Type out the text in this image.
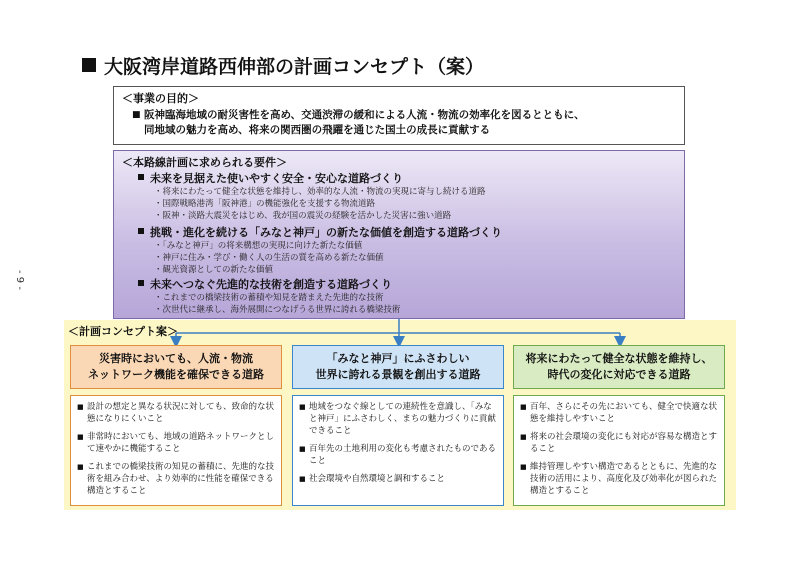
- 9 -
大阪湾岸道路西伸部の計画コンセプト（案）
＜事業の目的＞
■ 阪神臨海地域の耐災害性を高め、交通渋滞の緩和による人流・物流の効率化を図るとともに、
同地域の魅力を高め、将来の関西圏の飛躍を通じた国土の成長に貢献する
＜本路線計画に求められる要件＞
未来を見据えた使いやすく安全・安心な道路づくり
・将来にわたって健全な状態を維持し、効率的な人流・物流の実現に寄与し続ける道路
・国際戦略港湾「阪神港」の機能強化を支援する物流道路
・阪神・淡路大震災をはじめ、我が国の震災の経験を活かした災害に強い道路
挑戦・進化を続ける「みなと神戸」の新たな価値を創造する道路づくり
・「みなと神戸」の将来構想の実現に向けた新たな価値
・神戸に住み・学び・働く人の生活の質を高める新たな価値
・観光資源としての新たな価値
未来へつなぐ先進的な技術を創造する道路づくり
・これまでの橋梁技術の蓄積や知見を踏まえた先進的な技術
・次世代に継承し、海外展開につなげうる世界に誇れる橋梁技術
＜計画コンセプト案＞
災害時においても、人流・物流
ネットワーク機能を確保できる道路

■ 設計の想定と異なる状況に対しても、致命的な状態になりにくいこと

■ 非常時においても、地域の道路ネットワークとして速やかに機能すること

■ これまでの橋梁技術の知見の蓄積に、先進的な技術を組み合わせ、より効率的に性能を確保できる構造とすること

「みなと神戸」にふさわしい
世界に誇れる景観を創出する道路

■ 地域をつなぐ線としての連続性を意識し、「みなと神戸」にふさわしく、まちの魅力づくりに貢献できること

■ 百年先の土地利用の変化も考慮されたものであること

■ 社会環境や自然環境と調和すること

将来にわたって健全な状態を維持し、
時代の変化に対応できる道路

■ 百年、さらにその先においても、健全で快適な状態を維持しやすいこと

■ 将来の社会環境の変化にも対応が容易な構造とすること

■ 維持管理しやすい構造であるとともに、先進的な技術の活用により、高度化及び効率化が図られた構造とすること
